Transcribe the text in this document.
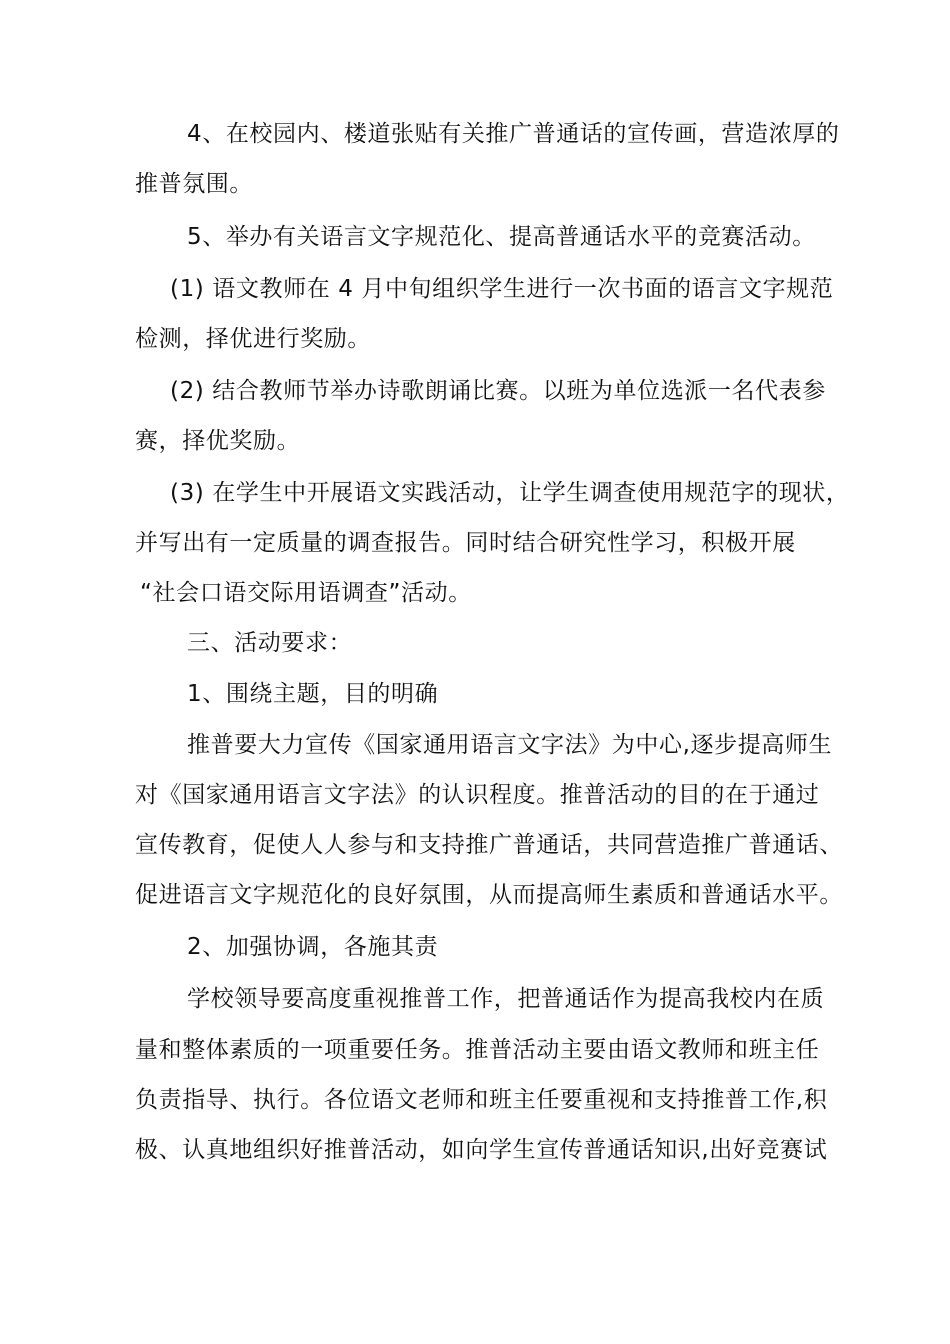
4、在校园内、楼道张贴有关推广普通话的宣传画，营造浓厚的
推普氛围。
5、举办有关语言文字规范化、提高普通话水平的竞赛活动。
(1) 语文教师在 4 月中旬组织学生进行一次书面的语言文字规范
检测，择优进行奖励。
(2) 结合教师节举办诗歌朗诵比赛。以班为单位选派一名代表参
赛，择优奖励。
(3) 在学生中开展语文实践活动，让学生调查使用规范字的现状，
并写出有一定质量的调查报告。同时结合研究性学习，积极开展
“社会口语交际用语调查”活动。
三、活动要求：
1、围绕主题，目的明确
推普要大力宣传《国家通用语言文字法》为中心,逐步提高师生
对《国家通用语言文字法》的认识程度。推普活动的目的在于通过
宣传教育，促使人人参与和支持推广普通话，共同营造推广普通话、
促进语言文字规范化的良好氛围，从而提高师生素质和普通话水平。
2、加强协调，各施其责
学校领导要高度重视推普工作，把普通话作为提高我校内在质
量和整体素质的一项重要任务。推普活动主要由语文教师和班主任
负责指导、执行。各位语文老师和班主任要重视和支持推普工作,积
极、认真地组织好推普活动，如向学生宣传普通话知识,出好竞赛试
